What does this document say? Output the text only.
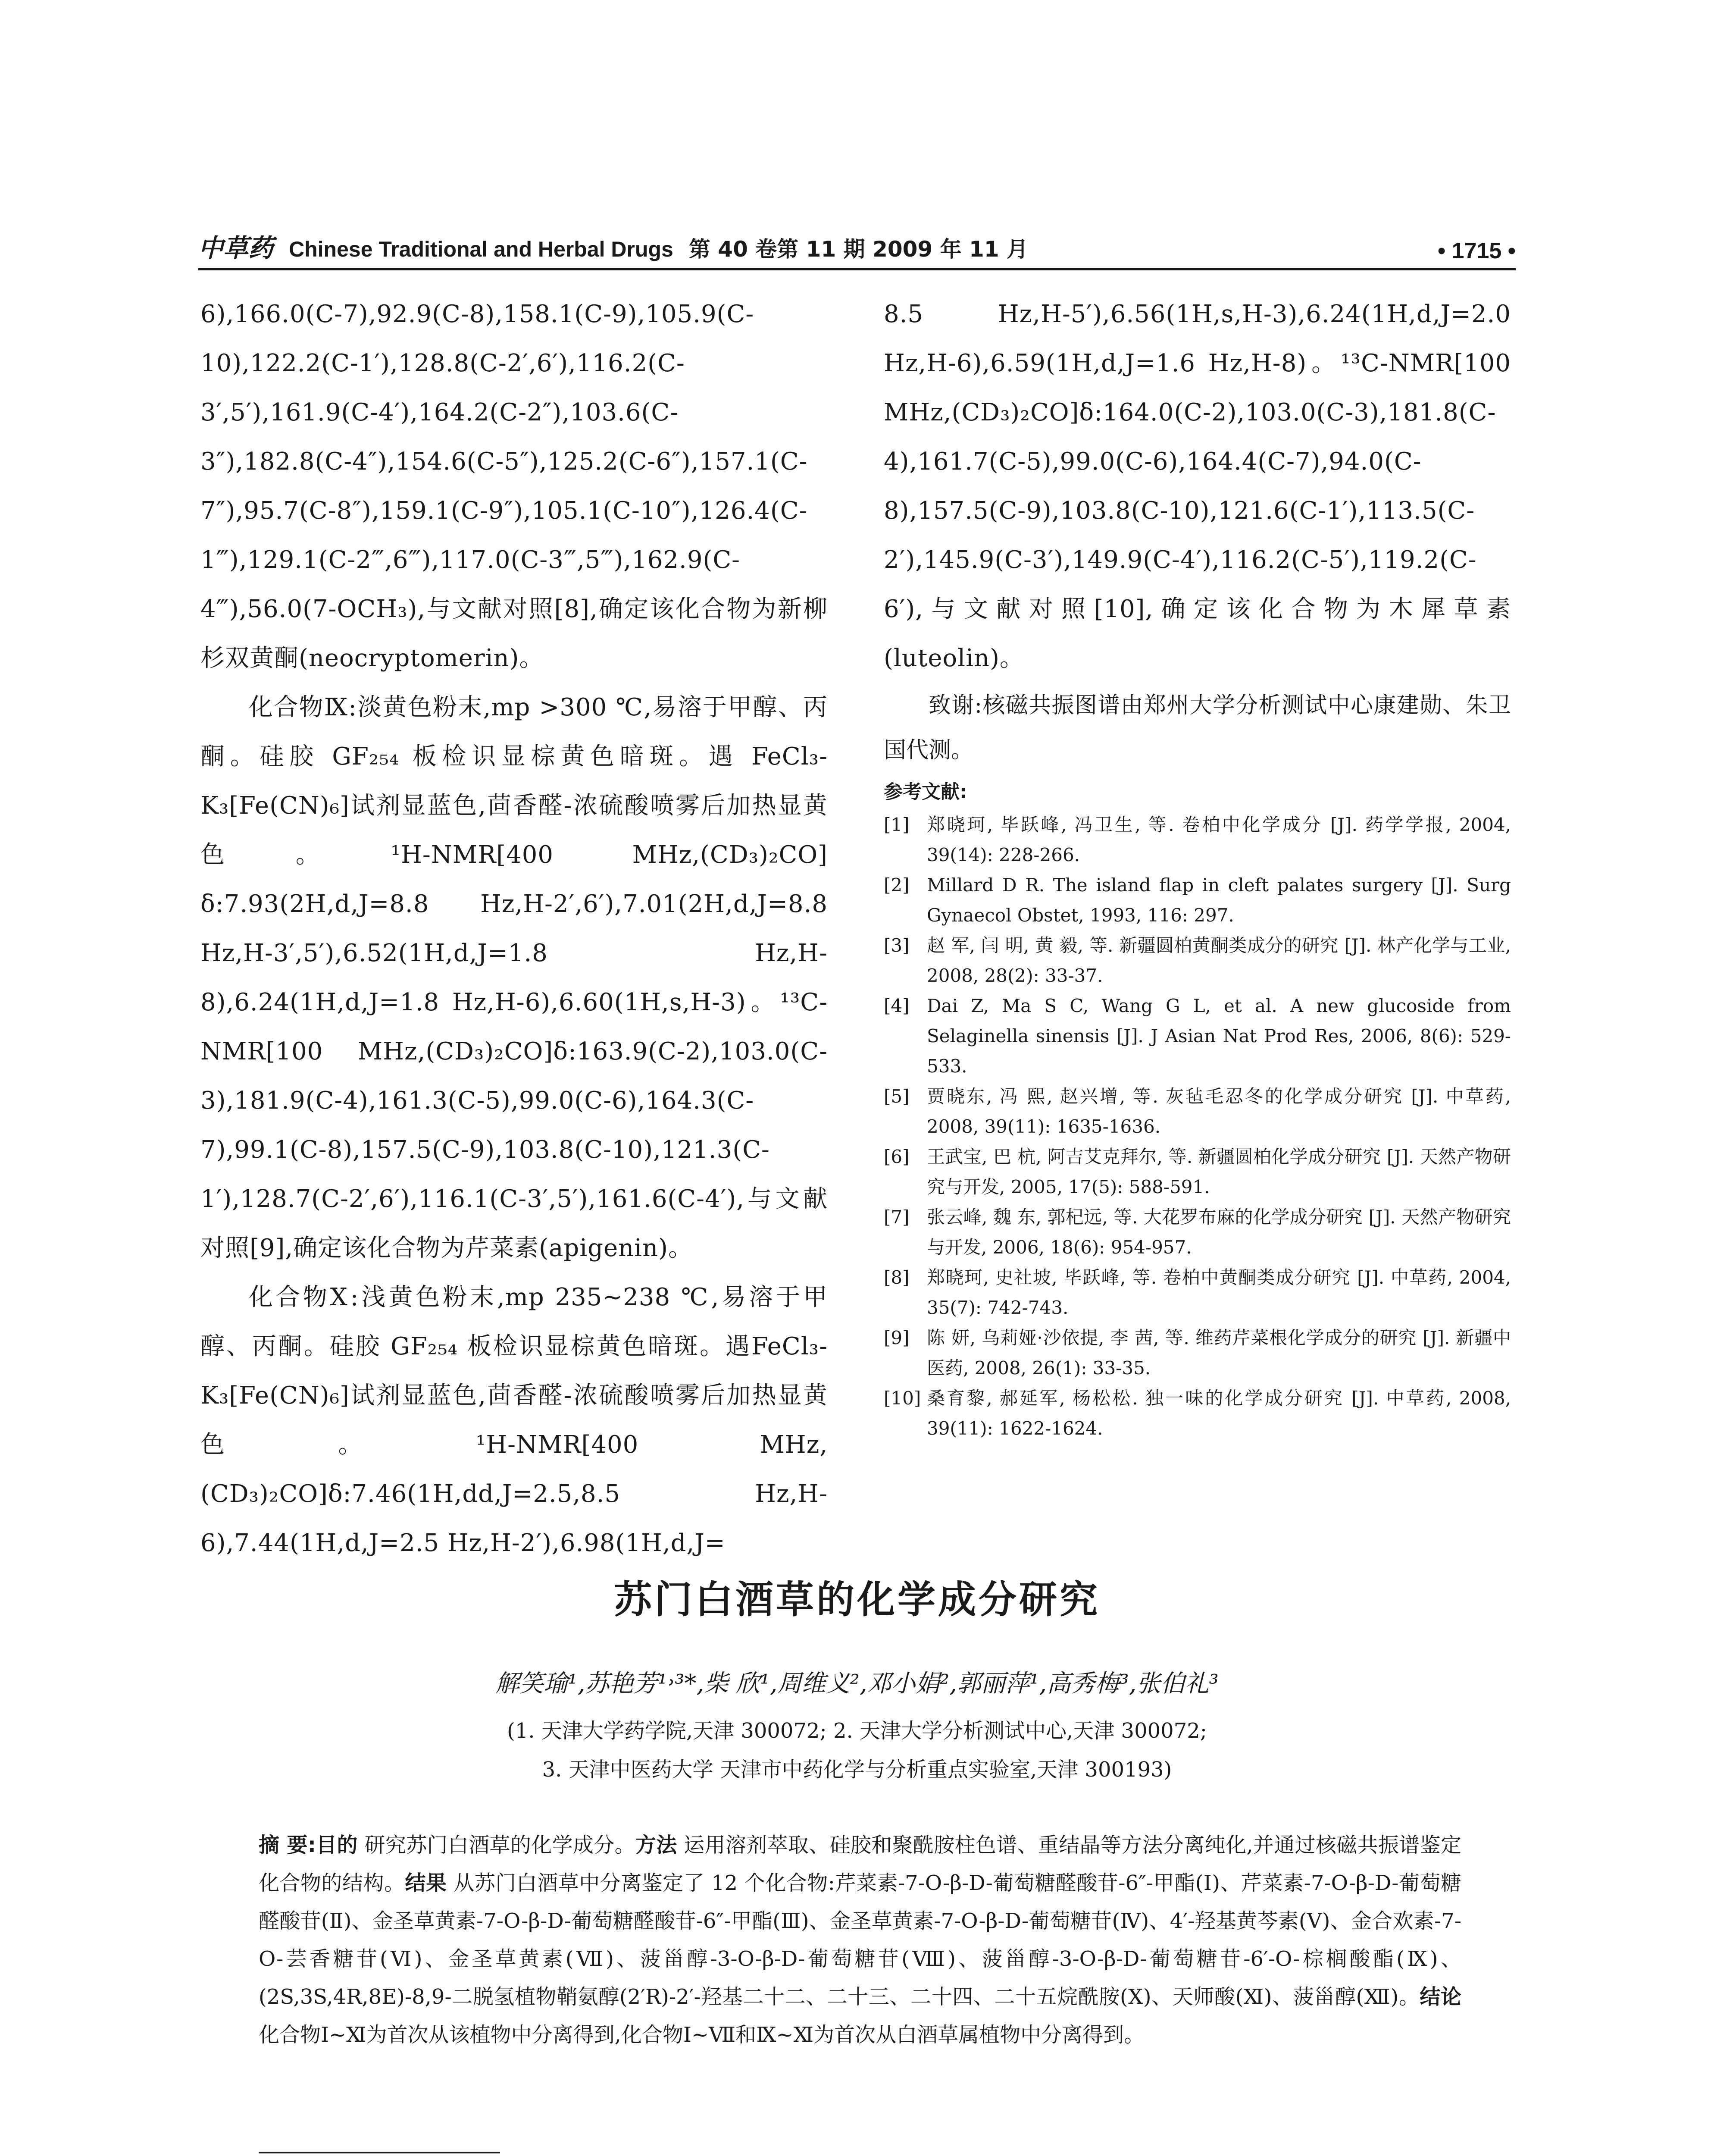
中草药 Chinese Traditional and Herbal Drugs 第 40 卷第 11 期 2009 年 11 月	• 1715 •

6),166.0(C-7),92.9(C-8),158.1(C-9),105.9(C-10),122.2(C-1′),128.8(C-2′,6′),116.2(C-3′,5′),161.9(C-4′),164.2(C-2″),103.6(C-3″),182.8(C-4″),154.6(C-5″),125.2(C-6″),157.1(C-7″),95.7(C-8″),159.1(C-9″),105.1(C-10″),126.4(C-1‴),129.1(C-2‴,6‴),117.0(C-3‴,5‴),162.9(C-4‴),56.0(7-OCH₃),与文献对照[8],确定该化合物为新柳杉双黄酮(neocryptomerin)。

化合物Ⅸ:淡黄色粉末,mp >300 ℃,易溶于甲醇、丙酮。硅胶 GF₂₅₄ 板检识显棕黄色暗斑。遇 FeCl₃-K₃[Fe(CN)₆]试剂显蓝色,茴香醛-浓硫酸喷雾后加热显黄色。¹H-NMR[400 MHz,(CD₃)₂CO] δ:7.93(2H,d,J=8.8 Hz,H-2′,6′),7.01(2H,d,J=8.8 Hz,H-3′,5′),6.52(1H,d,J=1.8 Hz,H-8),6.24(1H,d,J=1.8 Hz,H-6),6.60(1H,s,H-3)。¹³C-NMR[100 MHz,(CD₃)₂CO]δ:163.9(C-2),103.0(C-3),181.9(C-4),161.3(C-5),99.0(C-6),164.3(C-7),99.1(C-8),157.5(C-9),103.8(C-10),121.3(C-1′),128.7(C-2′,6′),116.1(C-3′,5′),161.6(C-4′),与文献对照[9],确定该化合物为芹菜素(apigenin)。

化合物Ⅹ:浅黄色粉末,mp 235~238 ℃,易溶于甲醇、丙酮。硅胶 GF₂₅₄ 板检识显棕黄色暗斑。遇FeCl₃-K₃[Fe(CN)₆]试剂显蓝色,茴香醛-浓硫酸喷雾后加热显黄色。¹H-NMR[400 MHz,(CD₃)₂CO]δ:7.46(1H,dd,J=2.5,8.5 Hz,H-6),7.44(1H,d,J=2.5 Hz,H-2′),6.98(1H,d,J=

8.5 Hz,H-5′),6.56(1H,s,H-3),6.24(1H,d,J=2.0 Hz,H-6),6.59(1H,d,J=1.6 Hz,H-8)。¹³C-NMR[100 MHz,(CD₃)₂CO]δ:164.0(C-2),103.0(C-3),181.8(C-4),161.7(C-5),99.0(C-6),164.4(C-7),94.0(C-8),157.5(C-9),103.8(C-10),121.6(C-1′),113.5(C-2′),145.9(C-3′),149.9(C-4′),116.2(C-5′),119.2(C-6′),与文献对照[10],确定该化合物为木犀草素(luteolin)。

致谢:核磁共振图谱由郑州大学分析测试中心康建勋、朱卫国代测。

参考文献:
[1] 郑晓珂, 毕跃峰, 冯卫生, 等. 卷柏中化学成分 [J]. 药学学报, 2004, 39(14): 228-266.
[2] Millard D R. The island flap in cleft palates surgery [J]. Surg Gynaecol Obstet, 1993, 116: 297.
[3] 赵 军, 闫 明, 黄 毅, 等. 新疆圆柏黄酮类成分的研究 [J]. 林产化学与工业, 2008, 28(2): 33-37.
[4] Dai Z, Ma S C, Wang G L, et al. A new glucoside from Selaginella sinensis [J]. J Asian Nat Prod Res, 2006, 8(6): 529-533.
[5] 贾晓东, 冯 熙, 赵兴增, 等. 灰毡毛忍冬的化学成分研究 [J]. 中草药, 2008, 39(11): 1635-1636.
[6] 王武宝, 巴 杭, 阿吉艾克拜尔, 等. 新疆圆柏化学成分研究 [J]. 天然产物研究与开发, 2005, 17(5): 588-591.
[7] 张云峰, 魏 东, 郭杞远, 等. 大花罗布麻的化学成分研究 [J]. 天然产物研究与开发, 2006, 18(6): 954-957.
[8] 郑晓珂, 史社坡, 毕跃峰, 等. 卷柏中黄酮类成分研究 [J]. 中草药, 2004, 35(7): 742-743.
[9] 陈 妍, 乌莉娅·沙依提, 李 茜, 等. 维药芹菜根化学成分的研究 [J]. 新疆中医药, 2008, 26(1): 33-35.
[10] 桑育黎, 郝延军, 杨松松. 独一味的化学成分研究 [J]. 中草药, 2008, 39(11): 1622-1624.
苏门白酒草的化学成分研究
解笑瑜¹,苏艳芳¹˒³*,柴 欣¹,周维义²,邓小娟²,郭丽萍¹,高秀梅³,张伯礼³
(1. 天津大学药学院,天津 300072; 2. 天津大学分析测试中心,天津 300072;
3. 天津中医药大学 天津市中药化学与分析重点实验室,天津 300193)
摘 要:目的 研究苏门白酒草的化学成分。方法 运用溶剂萃取、硅胶和聚酰胺柱色谱、重结晶等方法分离纯化,并通过核磁共振谱鉴定化合物的结构。结果 从苏门白酒草中分离鉴定了 12 个化合物:芹菜素-7-O-β-D-葡萄糖醛酸苷-6″-甲酯(Ⅰ)、芹菜素-7-O-β-D-葡萄糖醛酸苷(Ⅱ)、金圣草黄素-7-O-β-D-葡萄糖醛酸苷-6″-甲酯(Ⅲ)、金圣草黄素-7-O-β-D-葡萄糖苷(Ⅳ)、4′-羟基黄芩素(Ⅴ)、金合欢素-7-O-芸香糖苷(Ⅵ)、金圣草黄素(Ⅶ)、菠甾醇-3-O-β-D-葡萄糖苷(Ⅷ)、菠甾醇-3-O-β-D-葡萄糖苷-6′-O-棕榈酸酯(Ⅸ)、(2S,3S,4R,8E)-8,9-二脱氢植物鞘氨醇(2′R)-2′-羟基二十二、二十三、二十四、二十五烷酰胺(Ⅹ)、天师酸(Ⅺ)、菠甾醇(Ⅻ)。结论 化合物Ⅰ~Ⅺ为首次从该植物中分离得到,化合物Ⅰ~Ⅶ和Ⅸ~Ⅺ为首次从白酒草属植物中分离得到。
